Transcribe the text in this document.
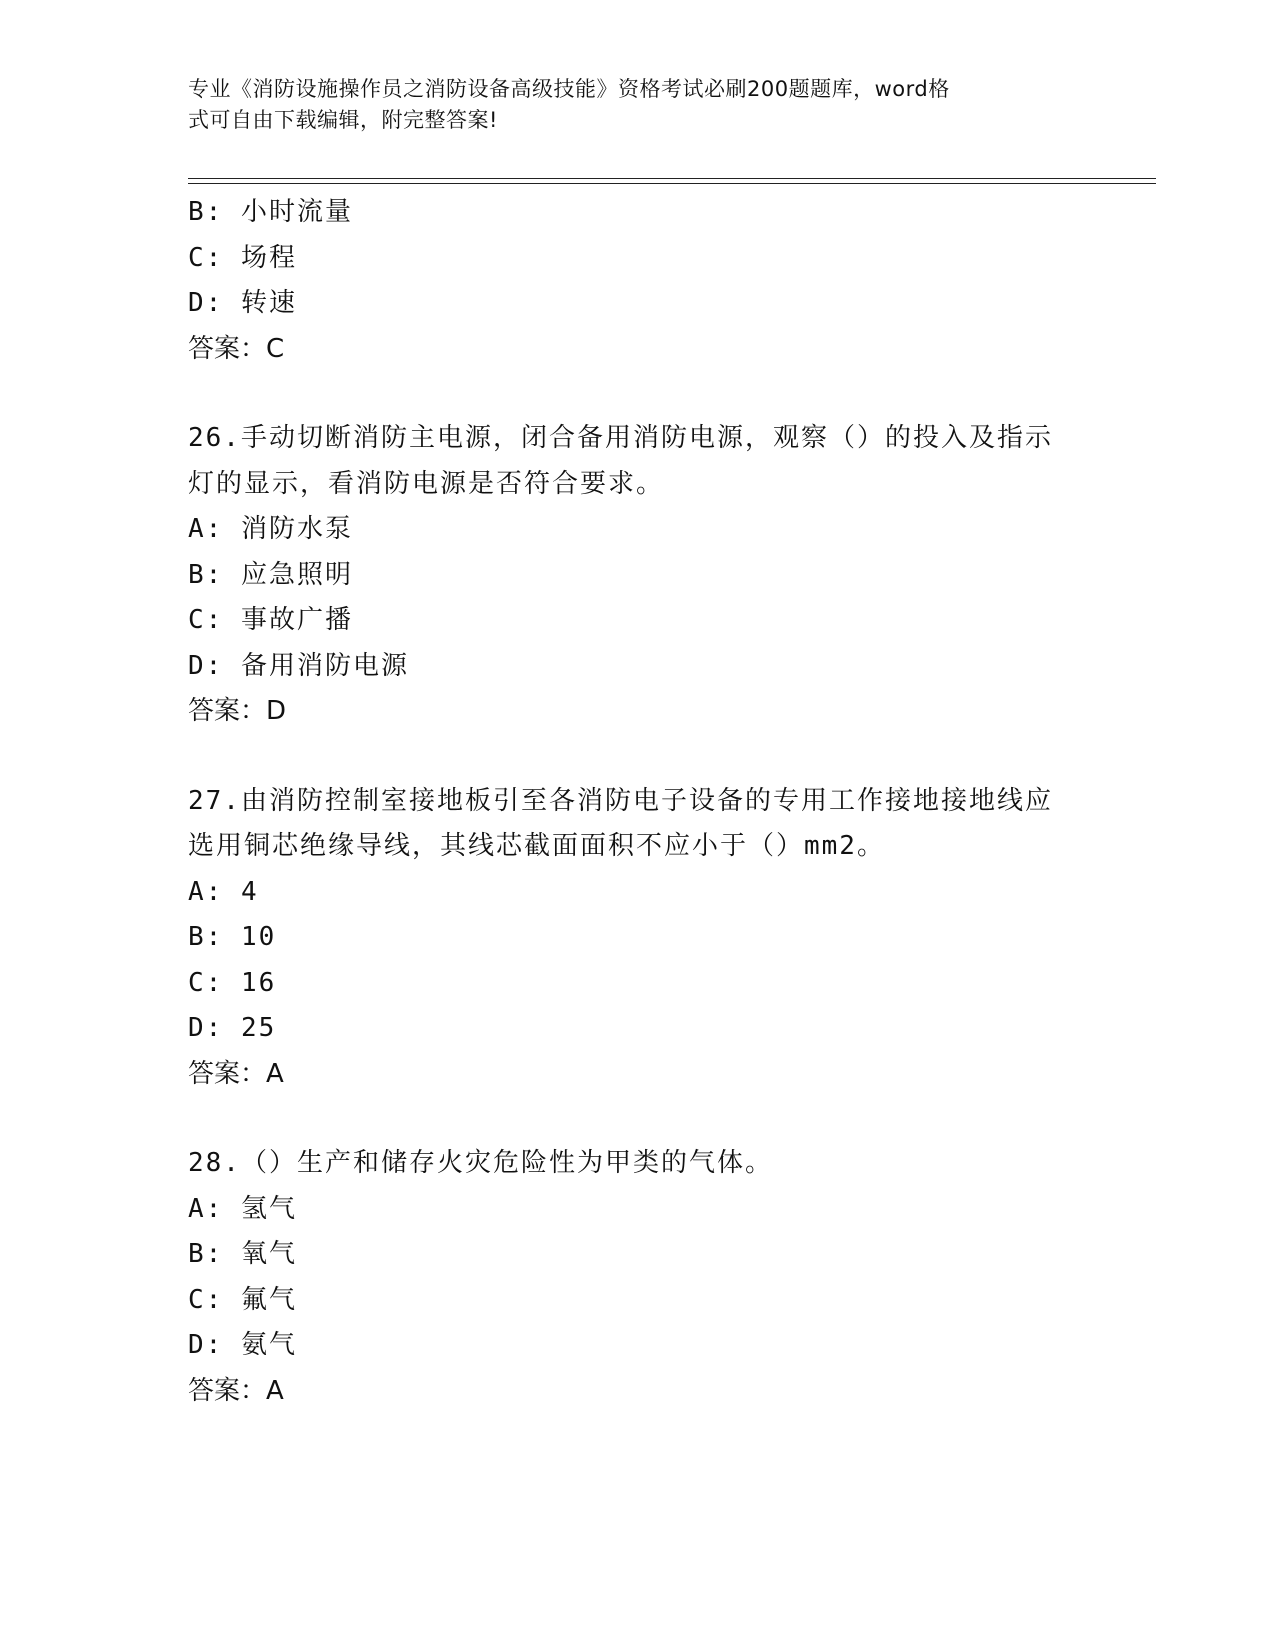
专业《消防设施操作员之消防设备高级技能》资格考试必刷200题题库，word格
式可自由下载编辑，附完整答案!
B: 小时流量
C: 场程
D: 转速
答案：C
26.手动切断消防主电源，闭合备用消防电源，观察（）的投入及指示
灯的显示，看消防电源是否符合要求。
A: 消防水泵
B: 应急照明
C: 事故广播
D: 备用消防电源
答案：D
27.由消防控制室接地板引至各消防电子设备的专用工作接地接地线应
选用铜芯绝缘导线，其线芯截面面积不应小于（）mm2。
A: 4
B: 10
C: 16
D: 25
答案：A
28.（）生产和储存火灾危险性为甲类的气体。
A: 氢气
B: 氧气
C: 氟气
D: 氨气
答案：A
